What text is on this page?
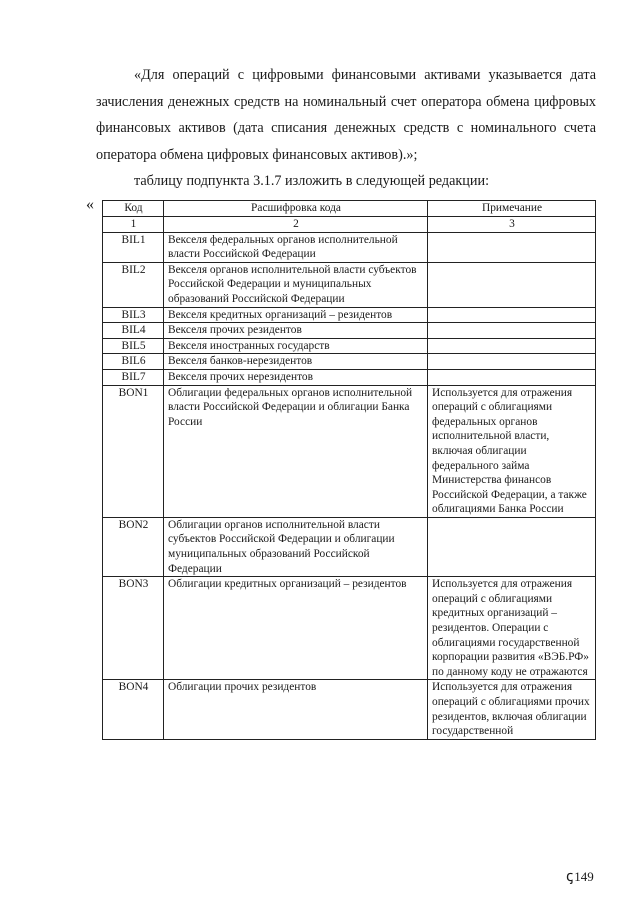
«Для операций с цифровыми финансовыми активами указывается дата зачисления денежных средств на номинальный счет оператора обмена цифровых финансовых активов (дата списания денежных средств с номинального счета оператора обмена цифровых финансовых активов).»;

таблицу подпункта 3.1.7 изложить в следующей редакции:

«	Код	Расшифровка кода	Примечание
1	2	3
BIL1	Векселя федеральных органов исполнительной власти Российской Федерации	
BIL2	Векселя органов исполнительной власти субъектов Российской Федерации и муниципальных образований Российской Федерации	
BIL3	Векселя кредитных организаций – резидентов	
BIL4	Векселя прочих резидентов	
BIL5	Векселя иностранных государств	
BIL6	Векселя банков-нерезидентов	
BIL7	Векселя прочих нерезидентов	
BON1	Облигации федеральных органов исполнительной власти Российской Федерации и облигации Банка России	Используется для отражения операций с облигациями федеральных органов исполнительной власти, включая облигации федерального займа Министерства финансов Российской Федерации, а также облигациями Банка России
BON2	Облигации органов исполнительной власти субъектов Российской Федерации и облигации муниципальных образований Российской Федерации	
BON3	Облигации кредитных организаций – резидентов	Используется для отражения операций с облигациями кредитных организаций – резидентов. Операции с облигациями государственной корпорации развития «ВЭБ.РФ» по данному коду не отражаются
BON4	Облигации прочих резидентов	Используется для отражения операций с облигациями прочих резидентов, включая облигации государственной
ꞔ149
